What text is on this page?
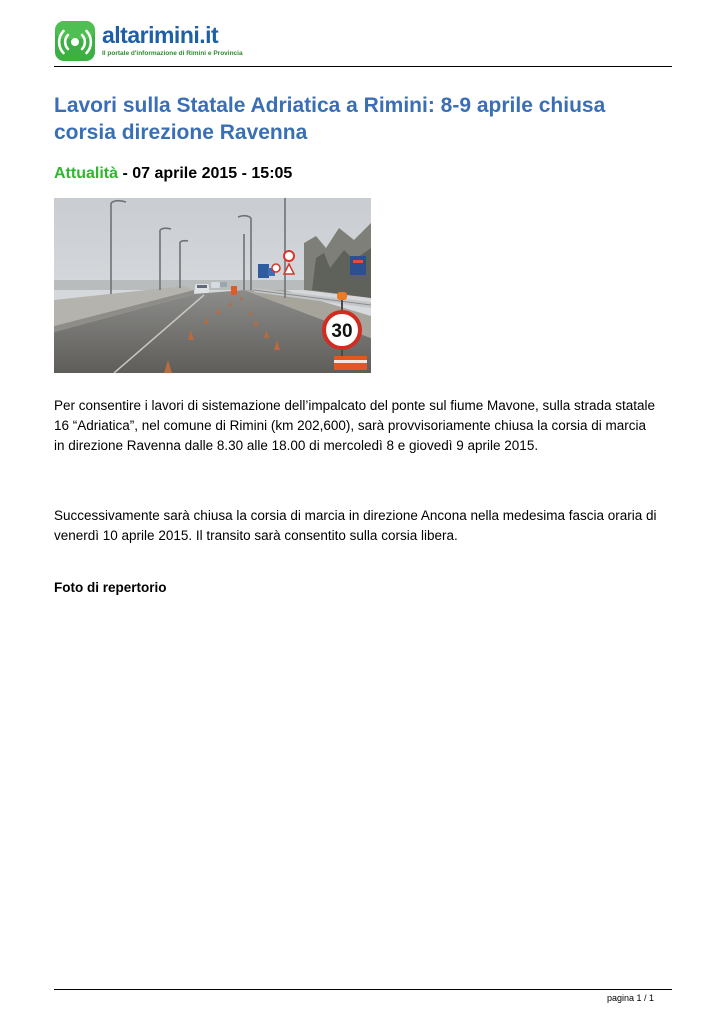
altarimini.it
Il portale d'informazione di Rimini e Provincia
Lavori sulla Statale Adriatica a Rimini: 8-9 aprile chiusa corsia direzione Ravenna
Attualità - 07 aprile 2015 - 15:05
30

Per consentire i lavori di sistemazione dell’impalcato del ponte sul fiume Mavone, sulla strada statale 16 “Adriatica”, nel comune di Rimini (km 202,600), sarà provvisoriamente chiusa la corsia di marcia in direzione Ravenna dalle 8.30 alle 18.00 di mercoledì 8 e giovedì 9 aprile 2015.

Successivamente sarà chiusa la corsia di marcia in direzione Ancona nella medesima fascia oraria di venerdì 10 aprile 2015. Il transito sarà consentito sulla corsia libera.

Foto di repertorio

pagina 1 / 1
